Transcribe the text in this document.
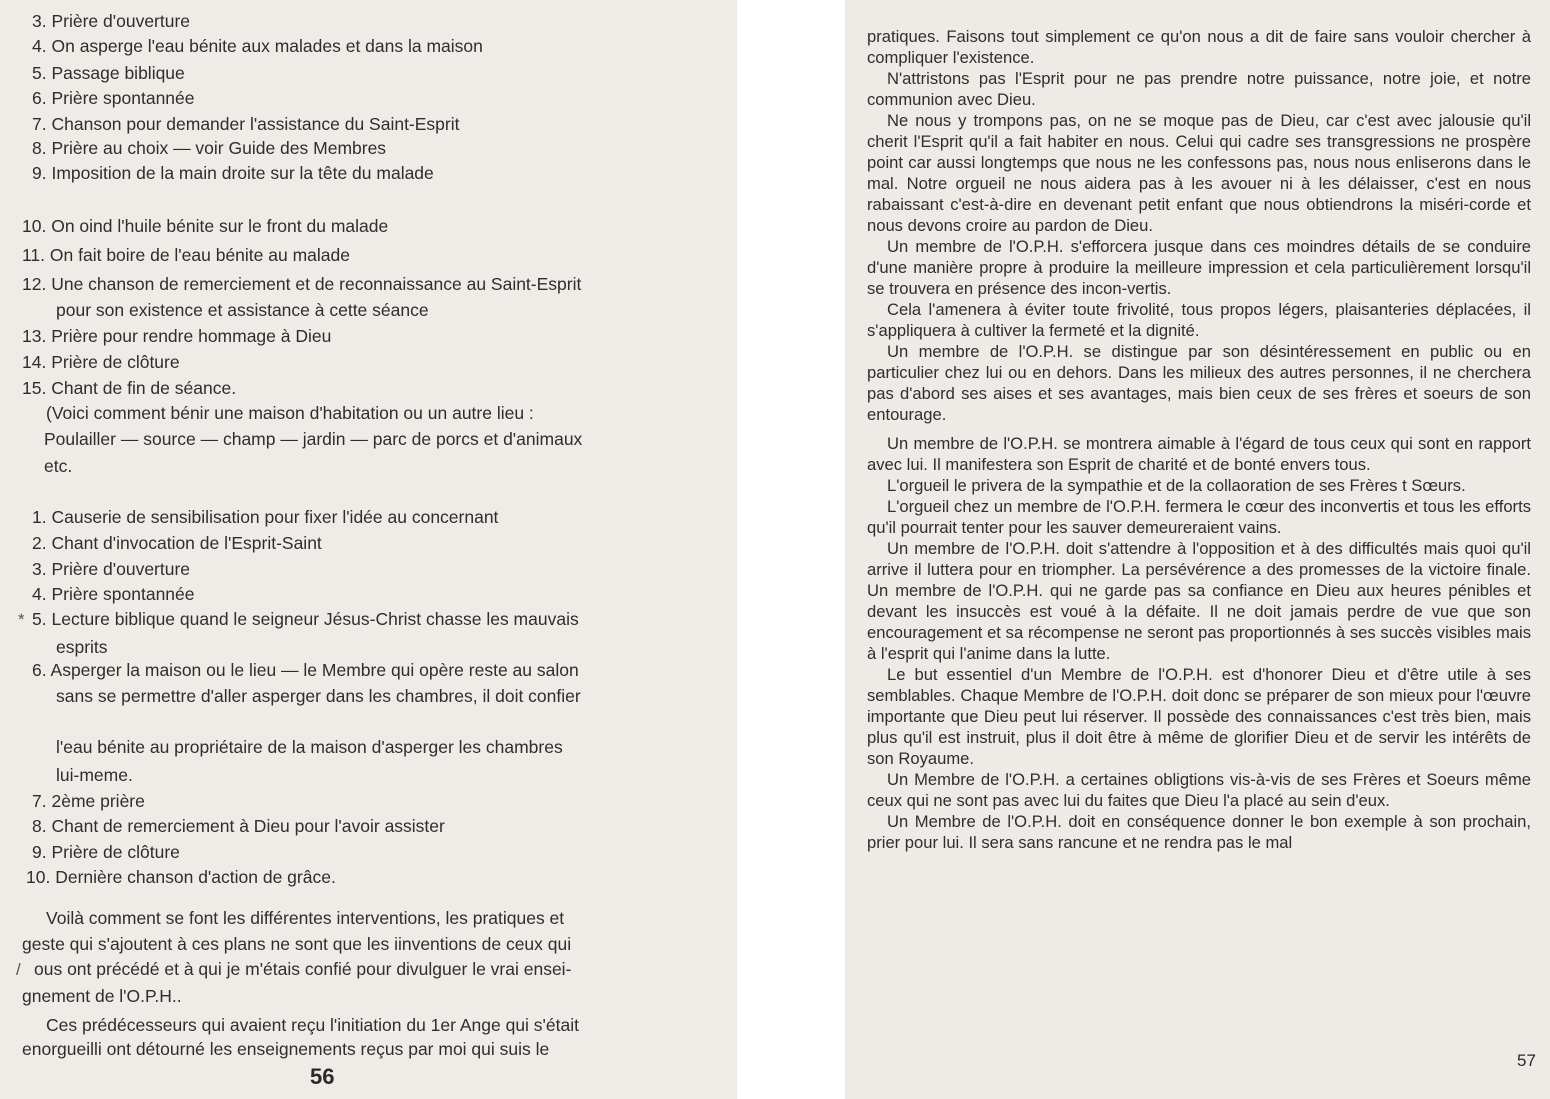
3. Prière d'ouverture
4. On asperge l'eau bénite aux malades et dans la maison
5. Passage biblique
6. Prière spontannée
7. Chanson pour demander l'assistance du Saint-Esprit
8. Prière au choix — voir Guide des Membres
9. Imposition de la main droite sur la tête du malade
10. On oind l'huile bénite sur le front du malade
11. On fait boire de l'eau bénite au malade
12. Une chanson de remerciement et de reconnaissance au Saint-Esprit
pour son existence et assistance à cette séance
13. Prière pour rendre hommage à Dieu
14. Prière de clôture
15. Chant de fin de séance.
(Voici comment bénir une maison d'habitation ou un autre lieu :
Poulailler — source — champ — jardin — parc de porcs et d'animaux
etc.
1. Causerie de sensibilisation pour fixer l'idée au concernant
2. Chant d'invocation de l'Esprit-Saint
3. Prière d'ouverture
4. Prière spontannée
* 5. Lecture biblique quand le seigneur Jésus-Christ chasse les mauvais
esprits
6. Asperger la maison ou le lieu — le Membre qui opère reste au salon
sans se permettre d'aller asperger dans les chambres, il doit confier
l'eau bénite au propriétaire de la maison d'asperger les chambres
lui-meme.
7. 2ème prière
8. Chant de remerciement à Dieu pour l'avoir assister
9. Prière de clôture
10. Dernière chanson d'action de grâce.
Voilà comment se font les différentes interventions, les pratiques et
geste qui s'ajoutent à ces plans ne sont que les iinventions de ceux qui
/ ous ont précédé et à qui je m'étais confié pour divulguer le vrai ensei-
gnement de l'O.P.H..
Ces prédécesseurs qui avaient reçu l'initiation du 1er Ange qui s'était
enorgueilli ont détourné les enseignements reçus par moi qui suis le
56

pratiques. Faisons tout simplement ce qu'on nous a dit de faire sans vouloir chercher à compliquer l'existence.

N'attristons pas l'Esprit pour ne pas prendre notre puissance, notre joie, et notre communion avec Dieu.

Ne nous y trompons pas, on ne se moque pas de Dieu, car c'est avec jalousie qu'il cherit l'Esprit qu'il a fait habiter en nous. Celui qui cadre ses transgressions ne prospère point car aussi longtemps que nous ne les confessons pas, nous nous enliserons dans le mal. Notre orgueil ne nous aidera pas à les avouer ni à les délaisser, c'est en nous rabaissant c'est-à-dire en devenant petit enfant que nous obtiendrons la miséri-corde et nous devons croire au pardon de Dieu.

Un membre de l'O.P.H. s'efforcera jusque dans ces moindres détails de se conduire d'une manière propre à produire la meilleure impression et cela particulièrement lorsqu'il se trouvera en présence des incon-vertis.

Cela l'amenera à éviter toute frivolité, tous propos légers, plaisanteries déplacées, il s'appliquera à cultiver la fermeté et la dignité.

Un membre de l'O.P.H. se distingue par son désintéressement en public ou en particulier chez lui ou en dehors. Dans les milieux des autres personnes, il ne cherchera pas d'abord ses aises et ses avantages, mais bien ceux de ses frères et soeurs de son entourage.

Un membre de l'O.P.H. se montrera aimable à l'égard de tous ceux qui sont en rapport avec lui. Il manifestera son Esprit de charité et de bonté envers tous.

L'orgueil le privera de la sympathie et de la collaoration de ses Frères t Sœurs.

L'orgueil chez un membre de l'O.P.H. fermera le cœur des inconvertis et tous les efforts qu'il pourrait tenter pour les sauver demeureraient vains.

Un membre de l'O.P.H. doit s'attendre à l'opposition et à des difficultés mais quoi qu'il arrive il luttera pour en triompher. La persévérence a des promesses de la victoire finale. Un membre de l'O.P.H. qui ne garde pas sa confiance en Dieu aux heures pénibles et devant les insuccès est voué à la défaite. Il ne doit jamais perdre de vue que son encouragement et sa récompense ne seront pas proportionnés à ses succès visibles mais à l'esprit qui l'anime dans la lutte.

Le but essentiel d'un Membre de l'O.P.H. est d'honorer Dieu et d'être utile à ses semblables. Chaque Membre de l'O.P.H. doit donc se préparer de son mieux pour l'œuvre importante que Dieu peut lui réserver. Il possède des connaissances c'est très bien, mais plus qu'il est instruit, plus il doit être à même de glorifier Dieu et de servir les intérêts de son Royaume.

Un Membre de l'O.P.H. a certaines obligtions vis-à-vis de ses Frères et Soeurs même ceux qui ne sont pas avec lui du faites que Dieu l'a placé au sein d'eux.

Un Membre de l'O.P.H. doit en conséquence donner le bon exemple à son prochain, prier pour lui. Il sera sans rancune et ne rendra pas le mal

57
